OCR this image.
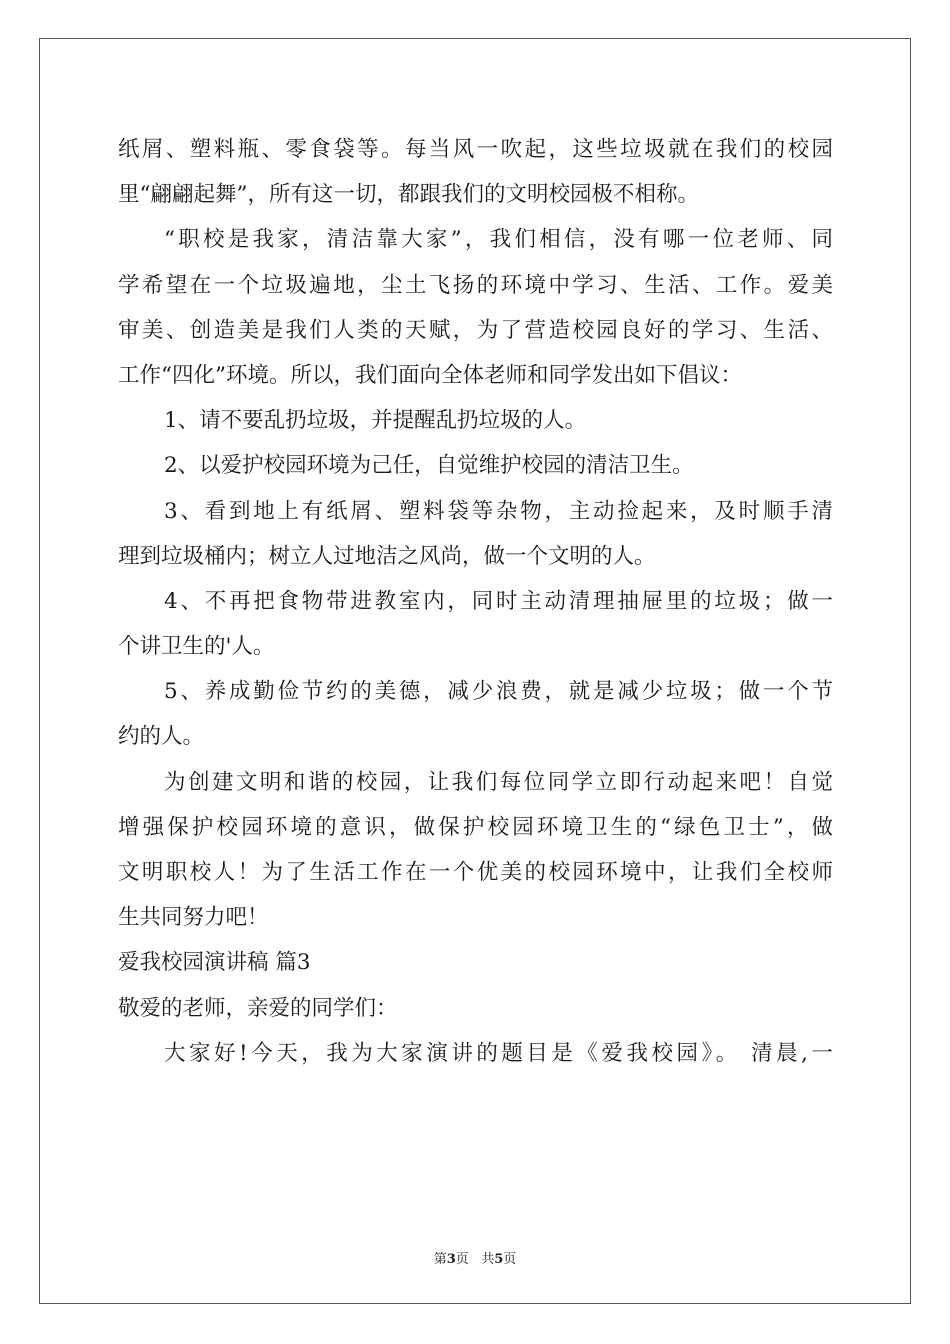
纸屑、塑料瓶、零食袋等。每当风一吹起，这些垃圾就在我们的校园
里“翩翩起舞”，所有这一切，都跟我们的文明校园极不相称。
“职校是我家，清洁靠大家”，我们相信，没有哪一位老师、同
学希望在一个垃圾遍地，尘土飞扬的环境中学习、生活、工作。爱美
审美、创造美是我们人类的天赋，为了营造校园良好的学习、生活、
工作“四化”环境。所以，我们面向全体老师和同学发出如下倡议：
1、请不要乱扔垃圾，并提醒乱扔垃圾的人。
2、以爱护校园环境为己任，自觉维护校园的清洁卫生。
3、看到地上有纸屑、塑料袋等杂物，主动捡起来，及时顺手清
理到垃圾桶内；树立人过地洁之风尚，做一个文明的人。
4、不再把食物带进教室内，同时主动清理抽屉里的垃圾；做一
个讲卫生的'人。
5、养成勤俭节约的美德，减少浪费，就是减少垃圾；做一个节
约的人。
为创建文明和谐的校园，让我们每位同学立即行动起来吧！自觉
增强保护校园环境的意识，做保护校园环境卫生的“绿色卫士”，做
文明职校人！为了生活工作在一个优美的校园环境中，让我们全校师
生共同努力吧！
爱我校园演讲稿 篇3
敬爱的老师，亲爱的同学们：
大家好!今天，我为大家演讲的题目是《爱我校园》。 清晨,一
第3页   共5页
